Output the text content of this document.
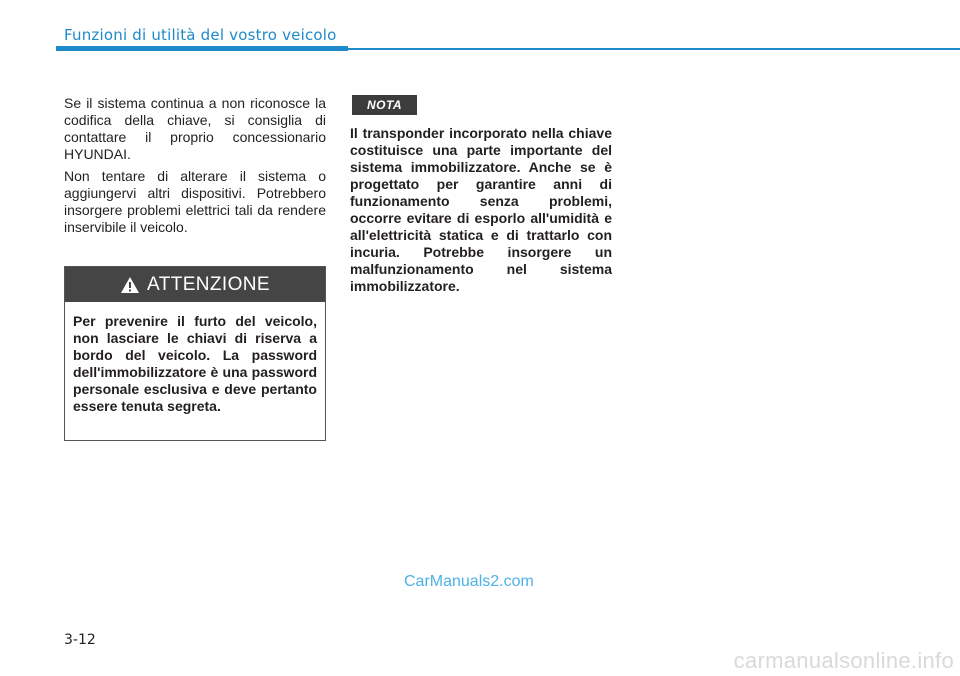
Funzioni di utilità del vostro veicolo

Se il sistema continua a non riconosce la codifica della chiave, si consiglia di contattare il proprio concessionario HYUNDAI.

Non tentare di alterare il sistema o aggiungervi altri dispositivi. Potrebbero insorgere problemi elettrici tali da rendere inservibile il veicolo.

ATTENZIONE
Per prevenire il furto del veicolo, non lasciare le chiavi di riserva a bordo del veicolo. La password dell'immobilizzatore è una password personale esclusiva e deve pertanto essere tenuta segreta.
NOTA

Il transponder incorporato nella chiave costituisce una parte importante del sistema immobilizzatore. Anche se è progettato per garantire anni di funzionamento senza problemi, occorre evitare di esporlo all'umidità e all'elettricità statica e di trattarlo con incuria. Potrebbe insorgere un malfunzionamento nel sistema immobilizzatore.

CarManuals2.com
3-12
carmanualsonline.info
